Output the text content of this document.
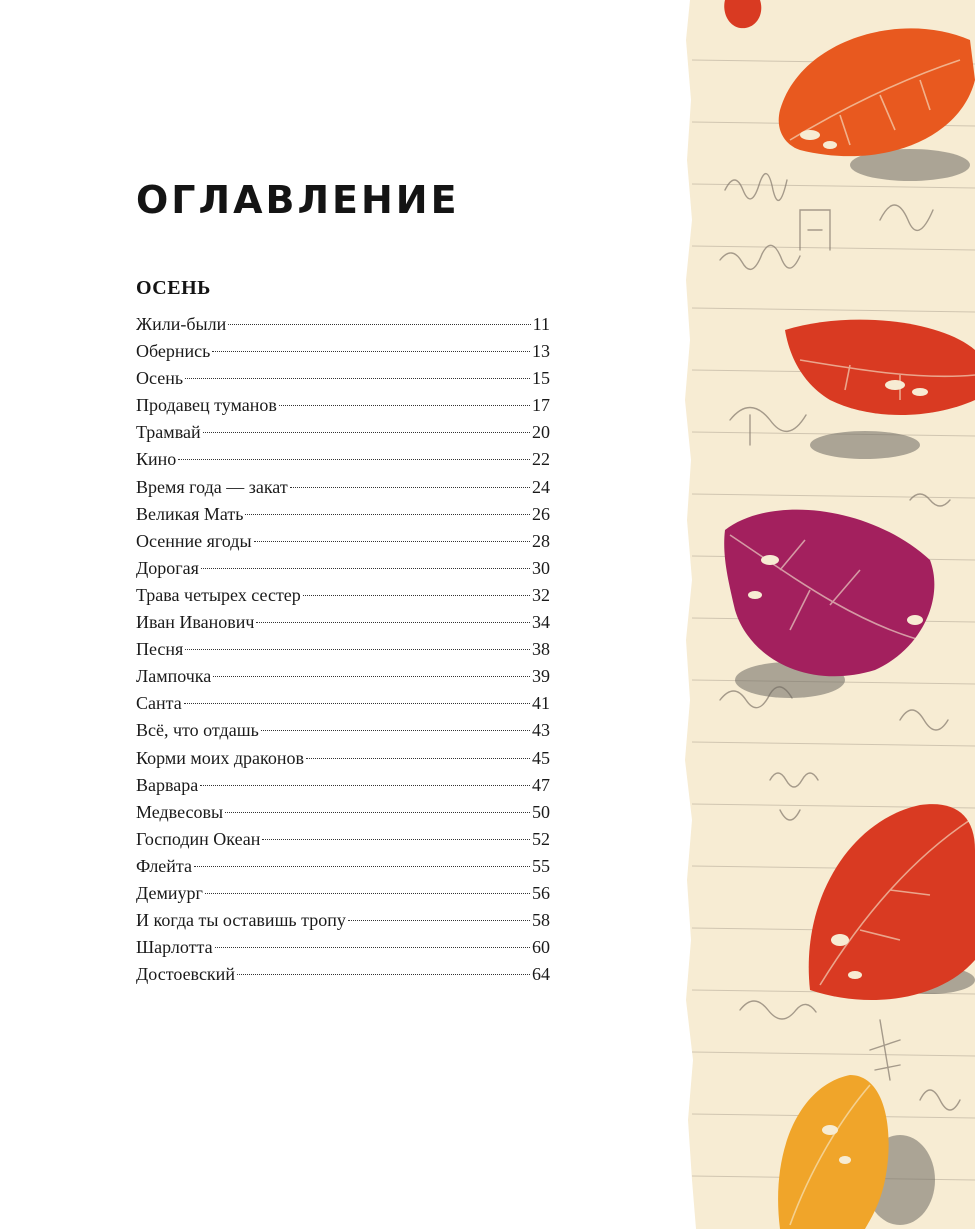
ОГЛАВЛЕНИЕ
ОСЕНЬ
Жили-были	11
Обернись	13
Осень	15
Продавец туманов	17
Трамвай	20
Кино	22
Время года — закат	24
Великая Мать	26
Осенние ягоды	28
Дорогая	30
Трава четырех сестер	32
Иван Иванович	34
Песня	38
Лампочка	39
Санта	41
Всё, что отдашь	43
Корми моих драконов	45
Варвара	47
Медвесовы	50
Господин Океан	52
Флейта	55
Демиург	56
И когда ты оставишь тропу	58
Шарлотта	60
Достоевский	64
